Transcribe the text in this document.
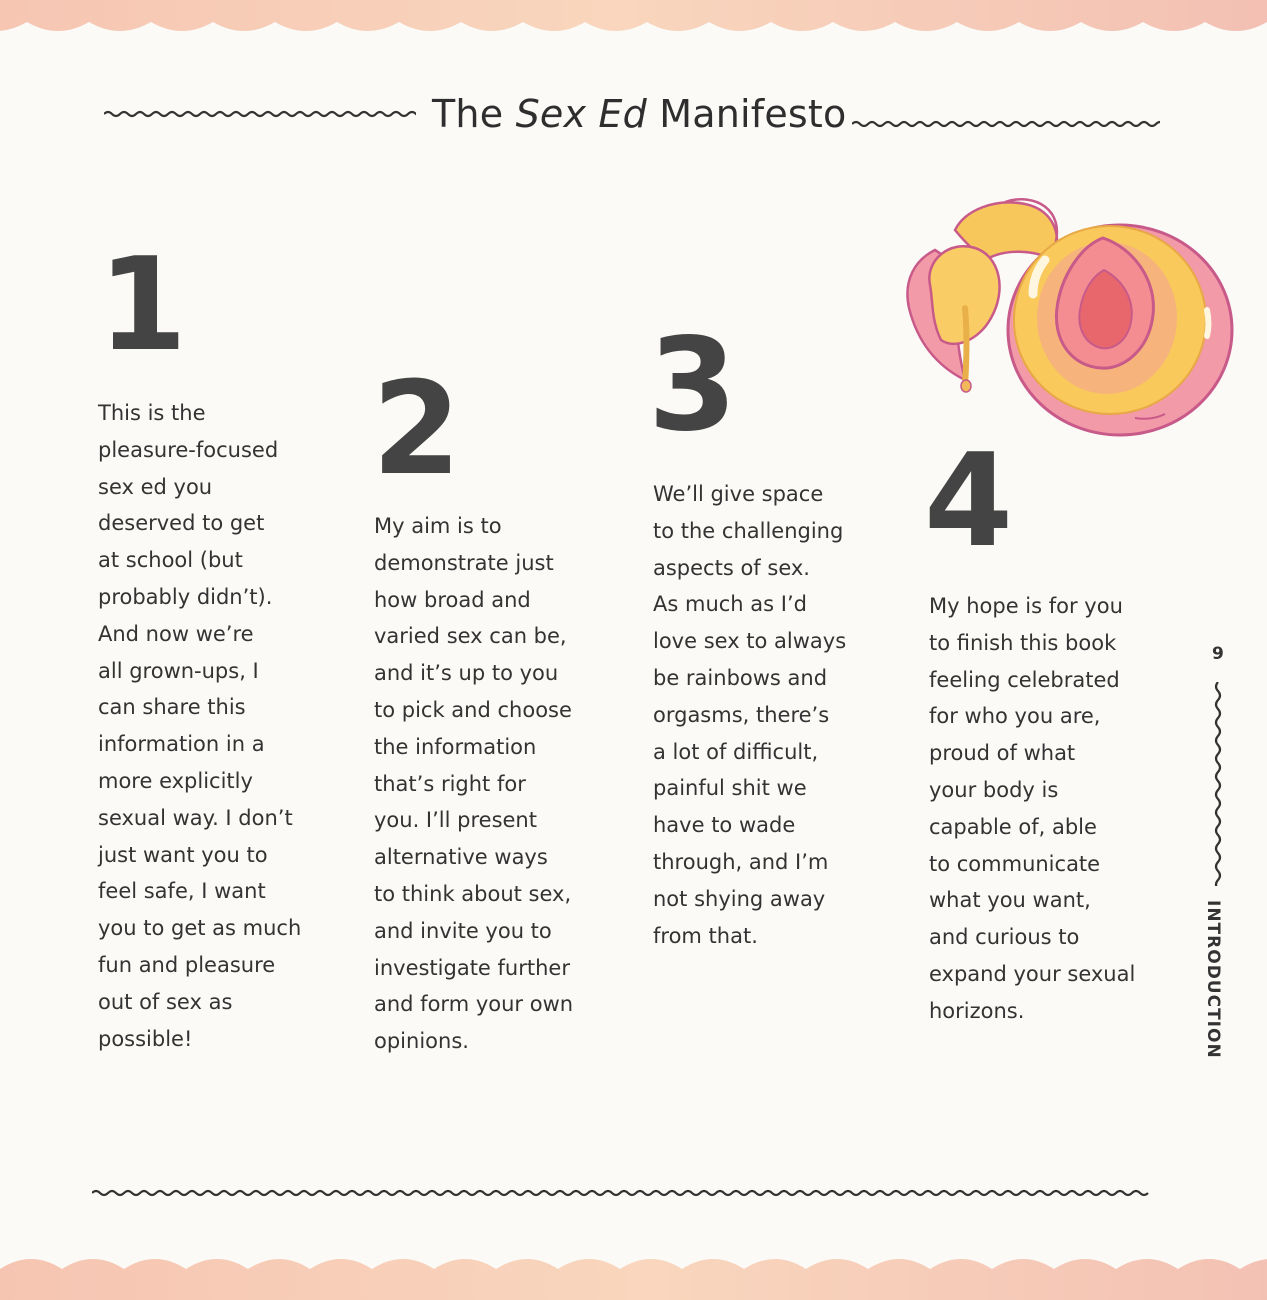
The Sex Ed Manifesto
1
2 3
4
This is the
pleasure-focused
sex ed you
deserved to get
at school (but
probably didn’t).
And now we’re
all grown-ups, I
can share this
information in a
more explicitly
sexual way. I don’t
just want you to
feel safe, I want
you to get as much
fun and pleasure
out of sex as
possible!
My aim is to
demonstrate just
how broad and
varied sex can be,
and it’s up to you
to pick and choose
the information
that’s right for
you. I’ll present
alternative ways
to think about sex,
and invite you to
investigate further
and form your own
opinions.
We’ll give space
to the challenging
aspects of sex.
As much as I’d
love sex to always
be rainbows and
orgasms, there’s
a lot of difficult,
painful shit we
have to wade
through, and I’m
not shying away
from that.
My hope is for you
to finish this book
feeling celebrated
for who you are,
proud of what
your body is
capable of, able
to communicate
what you want,
and curious to
expand your sexual
horizons.
9
INTRODUCTION
